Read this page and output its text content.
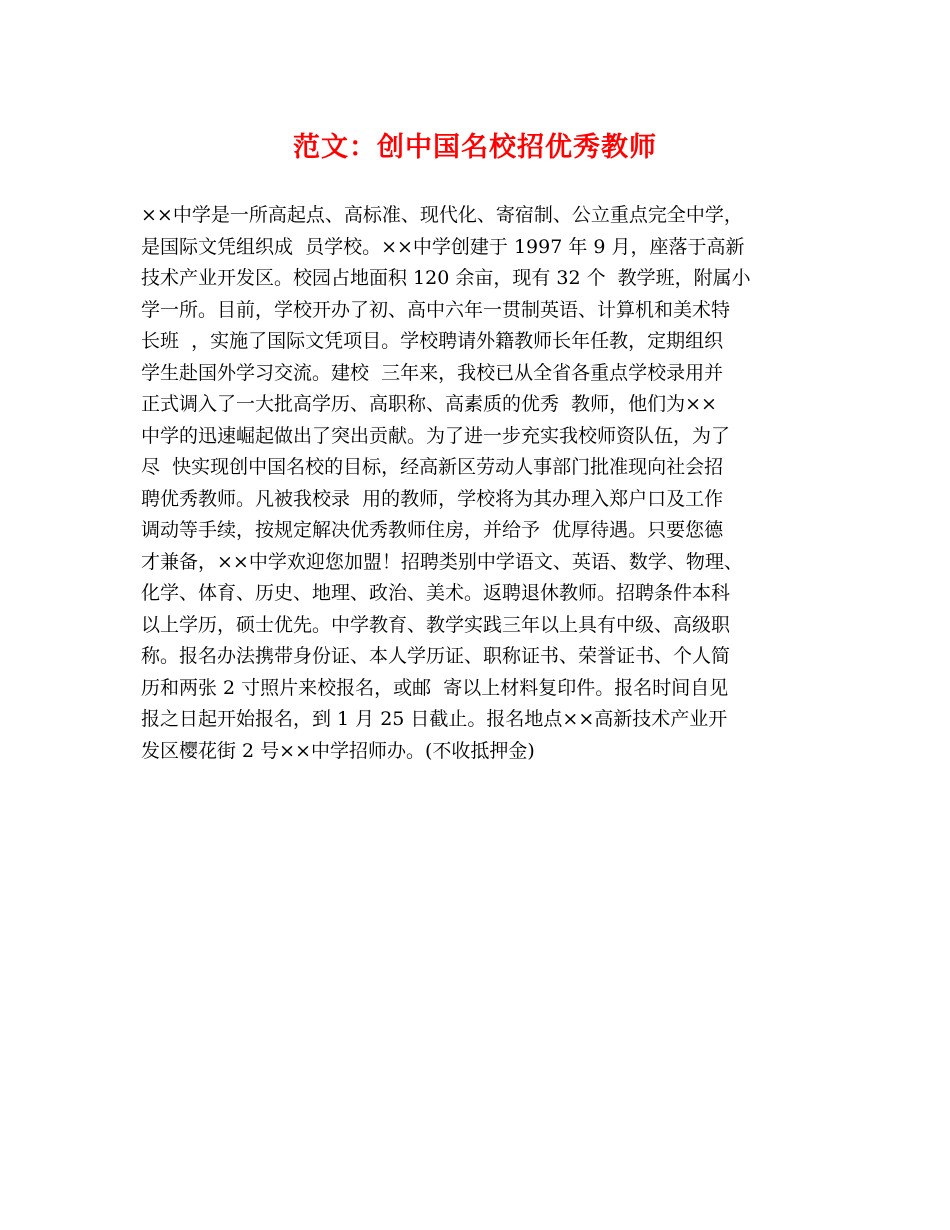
范文：创中国名校招优秀教师
××中学是一所高起点、高标准、现代化、寄宿制、公立重点完全中学，
是国际文凭组织成  员学校。××中学创建于 1997 年 9 月，座落于高新
技术产业开发区。校园占地面积 120 余亩，现有 32 个  教学班，附属小
学一所。目前，学校开办了初、高中六年一贯制英语、计算机和美术特
长班  ，实施了国际文凭项目。学校聘请外籍教师长年任教，定期组织
学生赴国外学习交流。建校  三年来，我校已从全省各重点学校录用并
正式调入了一大批高学历、高职称、高素质的优秀  教师，他们为××
中学的迅速崛起做出了突出贡献。为了进一步充实我校师资队伍，为了
尽  快实现创中国名校的目标，经高新区劳动人事部门批准现向社会招
聘优秀教师。凡被我校录  用的教师，学校将为其办理入郑户口及工作
调动等手续，按规定解决优秀教师住房，并给予  优厚待遇。只要您德
才兼备，××中学欢迎您加盟！招聘类别中学语文、英语、数学、物理、
化学、体育、历史、地理、政治、美术。返聘退休教师。招聘条件本科
以上学历，硕士优先。中学教育、教学实践三年以上具有中级、高级职
称。报名办法携带身份证、本人学历证、职称证书、荣誉证书、个人简
历和两张 2 寸照片来校报名，或邮  寄以上材料复印件。报名时间自见
报之日起开始报名，到 1 月 25 日截止。报名地点××高新技术产业开
发区樱花街 2 号××中学招师办。(不收抵押金)
